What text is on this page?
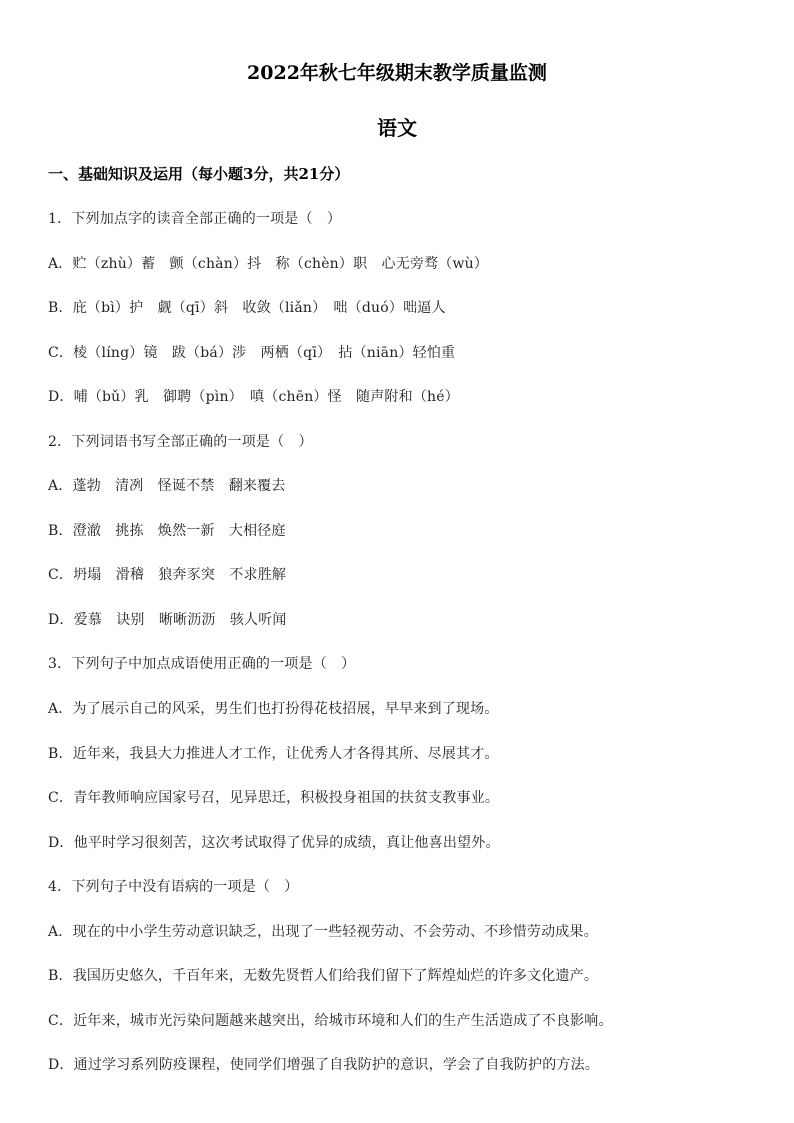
2022年秋七年级期末教学质量监测
语文
一、基础知识及运用（每小题3分，共21分）
1．下列加点字的读音全部正确的一项是（　）
A．贮（zhù）蓄　颤（chàn）抖　称（chèn）职　心无旁骛（wù）
B．庇（bì）护　觑（qī）斜　收敛（liǎn）　咄（duó）咄逼人
C．棱（líng）镜　跋（bá）涉　两栖（qī）　拈（niān）轻怕重
D．哺（bǔ）乳　御聘（pìn）　嗔（chēn）怪　随声附和（hé）
2．下列词语书写全部正确的一项是（　）
A．蓬勃　清冽　怪诞不禁　翻来覆去
B．澄澈　挑拣　焕然一新　大相径庭
C．坍塌　滑稽　狼奔豕突　不求胜解
D．爱慕　诀别　晰晰沥沥　骇人听闻
3．下列句子中加点成语使用正确的一项是（　）
A．为了展示自己的风采，男生们也打扮得花枝招展，早早来到了现场。
B．近年来，我县大力推进人才工作，让优秀人才各得其所、尽展其才。
C．青年教师响应国家号召，见异思迁，积极投身祖国的扶贫支教事业。
D．他平时学习很刻苦，这次考试取得了优异的成绩，真让他喜出望外。
4．下列句子中没有语病的一项是（　）
A．现在的中小学生劳动意识缺乏，出现了一些轻视劳动、不会劳动、不珍惜劳动成果。
B．我国历史悠久，千百年来，无数先贤哲人们给我们留下了辉煌灿烂的许多文化遗产。
C．近年来，城市光污染问题越来越突出，给城市环境和人们的生产生活造成了不良影响。
D．通过学习系列防疫课程，使同学们增强了自我防护的意识，学会了自我防护的方法。
